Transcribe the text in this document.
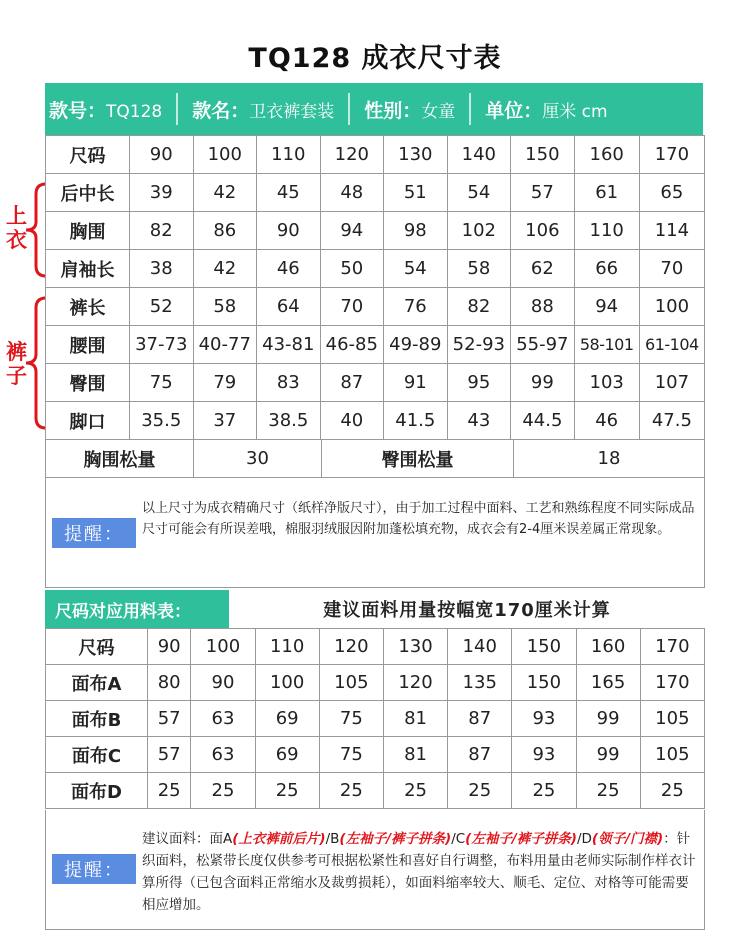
TQ128 成衣尺寸表
款号： TQ128 款名： 卫衣裤套装 性别： 女童 单位： 厘米 cm
上衣
裤子
尺码	90	100	110	120	130	140	150	160	170
后中长	39	42	45	48	51	54	57	61	65
胸围	82	86	90	94	98	102	106	110	114
肩袖长	38	42	46	50	54	58	62	66	70
裤长	52	58	64	70	76	82	88	94	100
腰围	37-73	40-77	43-81	46-85	49-89	52-93	55-97	58-101	61-104
臀围	75	79	83	87	91	95	99	103	107
脚口	35.5	37	38.5	40	41.5	43	44.5	46	47.5
胸围松量	30	臀围松量	18
提醒：
以上尺寸为成衣精确尺寸（纸样净版尺寸），由于加工过程中面料、工艺和熟练程度不同实际成品尺寸可能会有所误差哦，棉服羽绒服因附加蓬松填充物，成衣会有2-4厘米误差属正常现象。
尺码对应用料表：	建议面料用量按幅宽170厘米计算
尺码	90	100	110	120	130	140	150	160	170
面布A	80	90	100	105	120	135	150	165	170
面布B	57	63	69	75	81	87	93	99	105
面布C	57	63	69	75	81	87	93	99	105
面布D	25	25	25	25	25	25	25	25	25
提醒：
建议面料：面A(上衣裤前后片)/B(左袖子/裤子拼条)/C(左袖子/裤子拼条)/D(领子/门襟)：针织面料，松紧带长度仅供参考可根据松紧性和喜好自行调整，布料用量由老师实际制作样衣计算所得（已包含面料正常缩水及裁剪损耗），如面料缩率较大、顺毛、定位、对格等可能需要相应增加。
